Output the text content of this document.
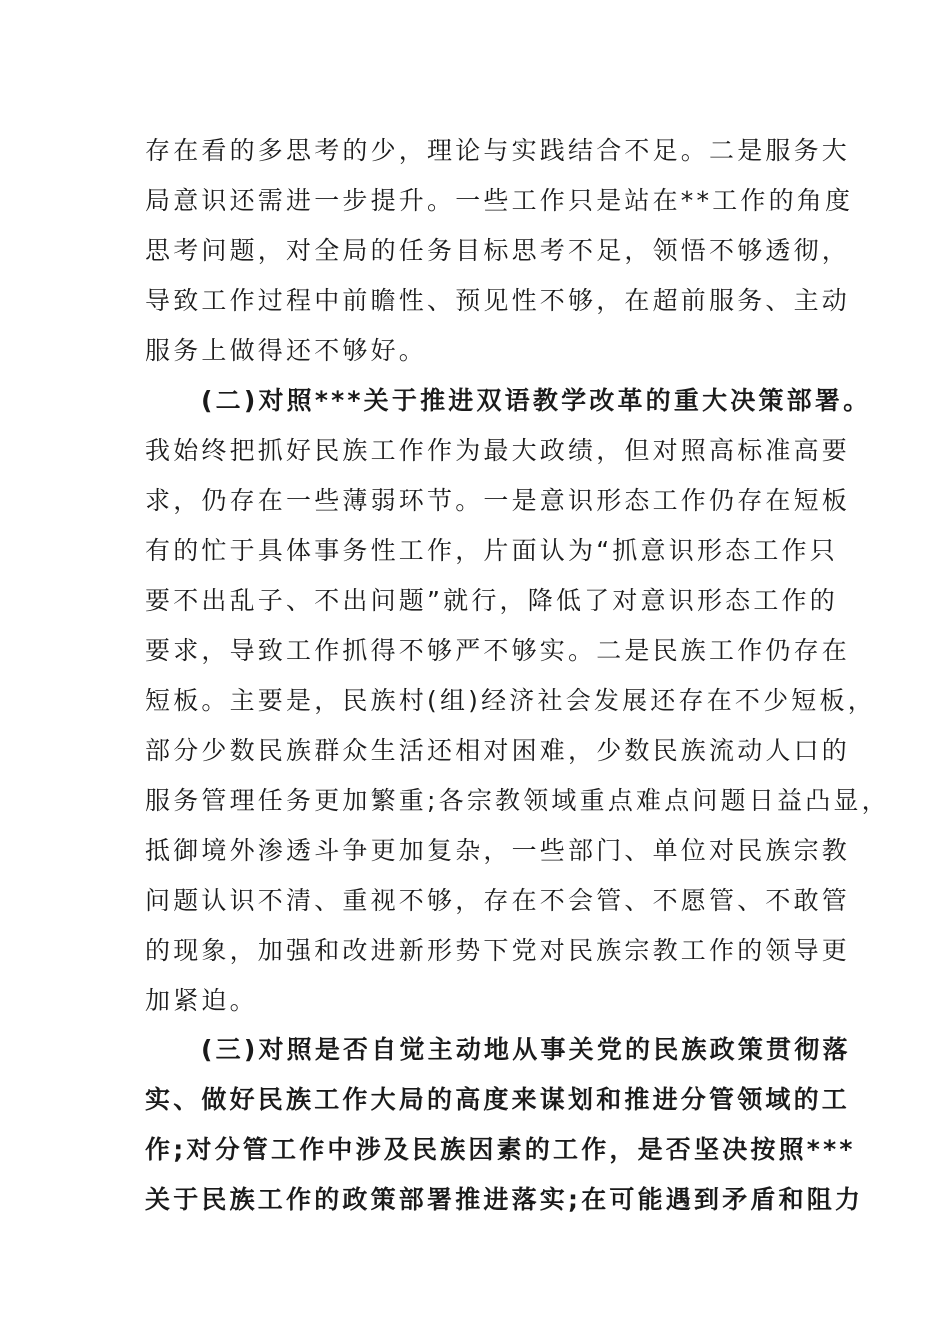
存在看的多思考的少，理论与实践结合不足。二是服务大
局意识还需进一步提升。一些工作只是站在**工作的角度
思考问题，对全局的任务目标思考不足，领悟不够透彻，
导致工作过程中前瞻性、预见性不够，在超前服务、主动
服务上做得还不够好。
(二)对照***关于推进双语教学改革的重大决策部署。
我始终把抓好民族工作作为最大政绩，但对照高标准高要
求，仍存在一些薄弱环节。一是意识形态工作仍存在短板
有的忙于具体事务性工作，片面认为“抓意识形态工作只
要不出乱子、不出问题”就行，降低了对意识形态工作的
要求，导致工作抓得不够严不够实。二是民族工作仍存在
短板。主要是，民族村(组)经济社会发展还存在不少短板，
部分少数民族群众生活还相对困难，少数民族流动人口的
服务管理任务更加繁重;各宗教领域重点难点问题日益凸显，
抵御境外渗透斗争更加复杂，一些部门、单位对民族宗教
问题认识不清、重视不够，存在不会管、不愿管、不敢管
的现象，加强和改进新形势下党对民族宗教工作的领导更
加紧迫。
(三)对照是否自觉主动地从事关党的民族政策贯彻落
实、做好民族工作大局的高度来谋划和推进分管领域的工
作;对分管工作中涉及民族因素的工作，是否坚决按照***
关于民族工作的政策部署推进落实;在可能遇到矛盾和阻力
